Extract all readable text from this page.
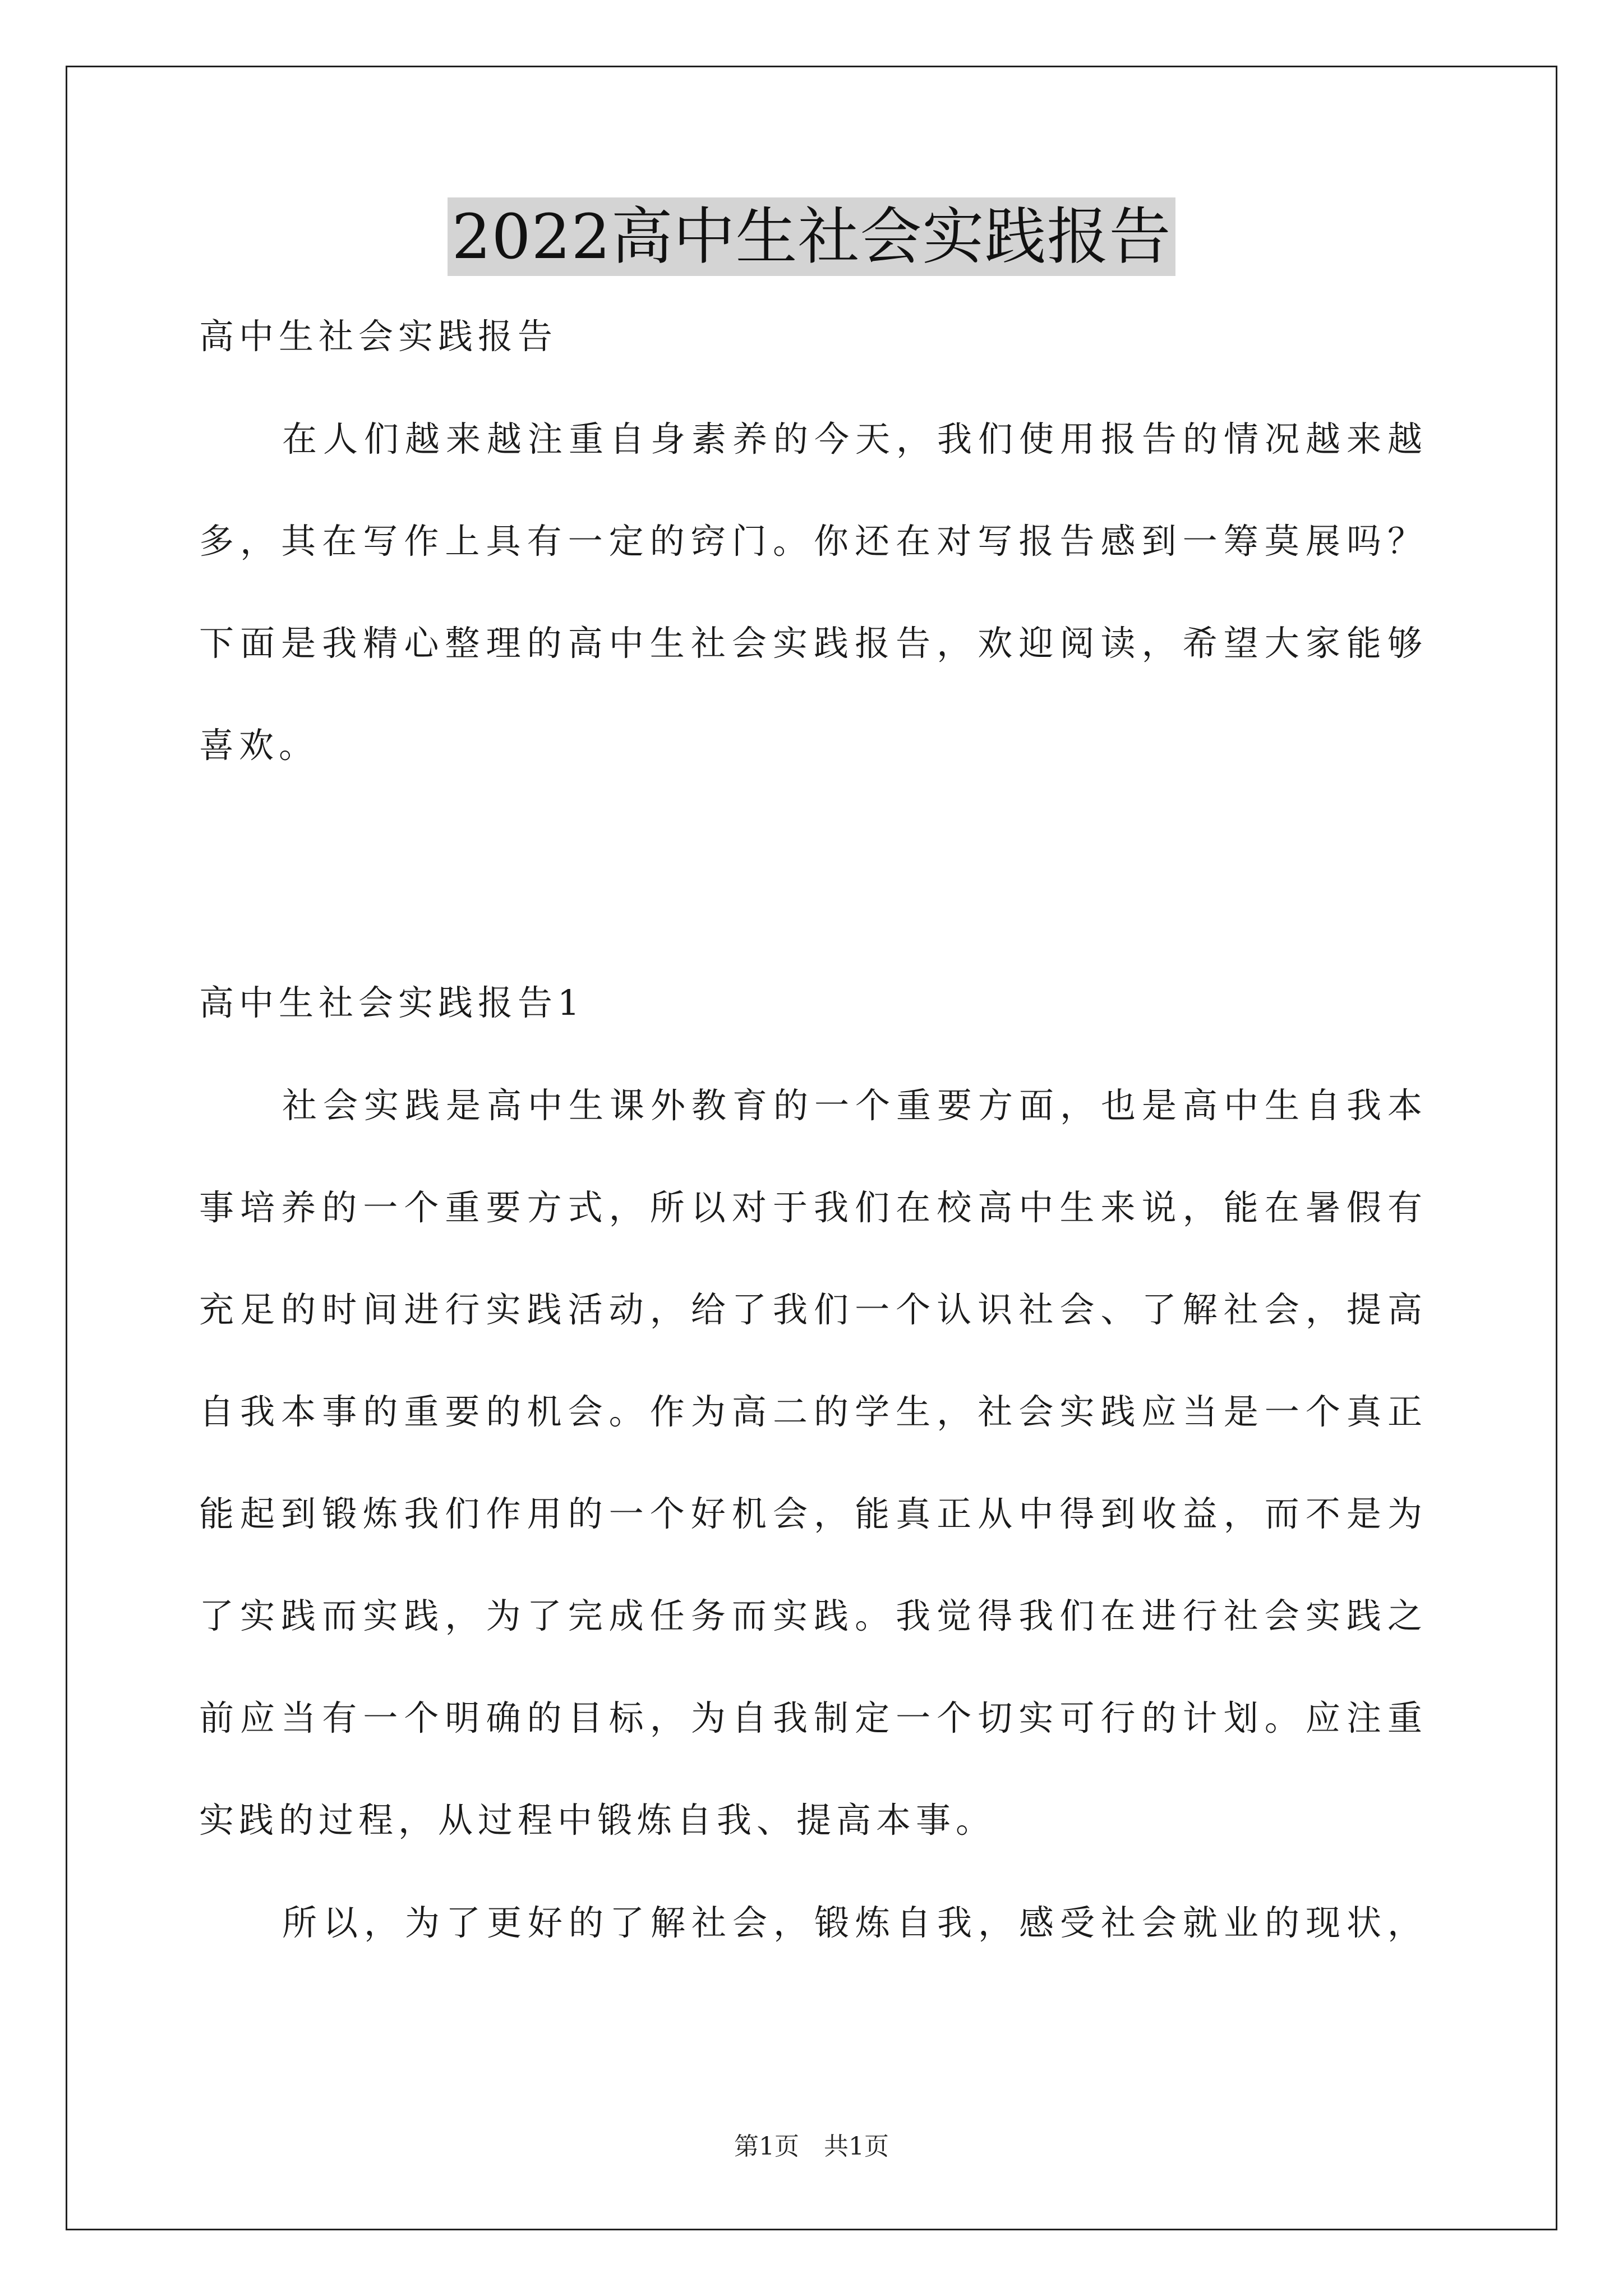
2022高中生社会实践报告
高中生社会实践报告
在人们越来越注重自身素养的今天，我们使用报告的情况越来越
多，其在写作上具有一定的窍门。你还在对写报告感到一筹莫展吗？
下面是我精心整理的高中生社会实践报告，欢迎阅读，希望大家能够
喜欢。
高中生社会实践报告1
社会实践是高中生课外教育的一个重要方面，也是高中生自我本
事培养的一个重要方式，所以对于我们在校高中生来说，能在暑假有
充足的时间进行实践活动，给了我们一个认识社会、了解社会，提高
自我本事的重要的机会。作为高二的学生，社会实践应当是一个真正
能起到锻炼我们作用的一个好机会，能真正从中得到收益，而不是为
了实践而实践，为了完成任务而实践。我觉得我们在进行社会实践之
前应当有一个明确的目标，为自我制定一个切实可行的计划。应注重
实践的过程，从过程中锻炼自我、提高本事。
所以，为了更好的了解社会，锻炼自我，感受社会就业的现状，
第1页　共1页
